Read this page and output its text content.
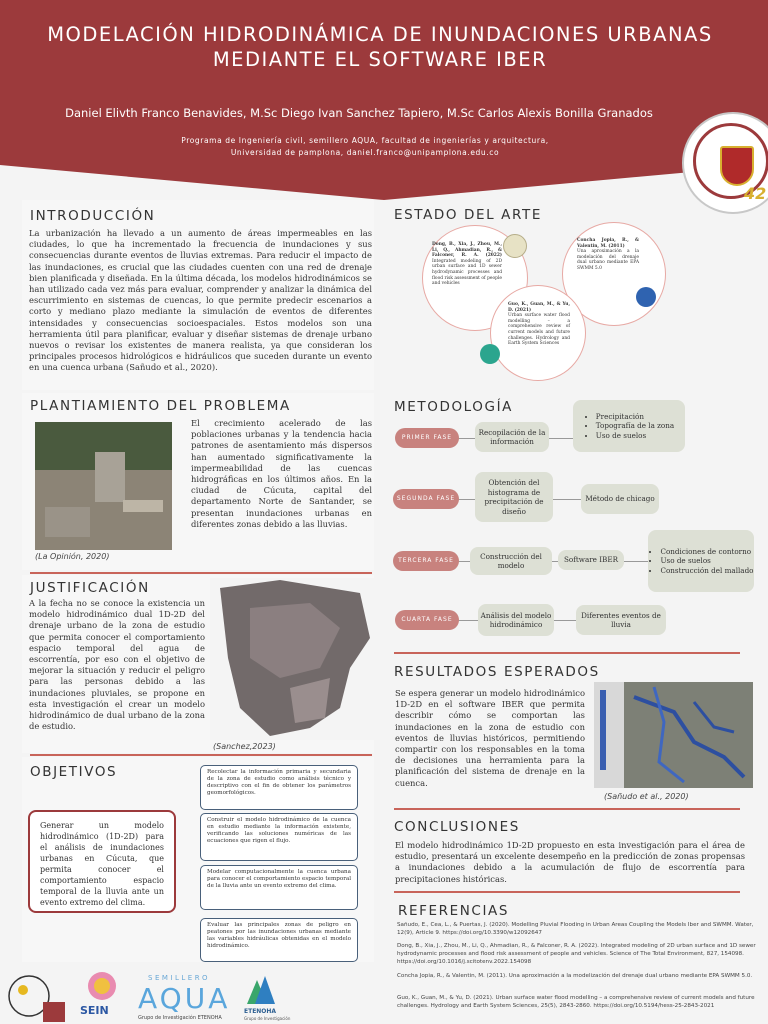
MODELACIÓN HIDRODINÁMICA DE INUNDACIONES URBANAS
MEDIANTE EL SOFTWARE IBER
Daniel Elivth Franco Benavides, M.Sc Diego Ivan Sanchez Tapiero, M.Sc Carlos Alexis Bonilla Granados
Programa de Ingeniería civil, semillero AQUA, facultad de ingenierías y arquitectura,
Universidad de pamplona, daniel.franco@unipamplona.edu.co
42
INTRODUCCIÓN
La urbanización ha llevado a un aumento de áreas impermeables en las ciudades, lo que ha incrementado la frecuencia de inundaciones y sus consecuencias durante eventos de lluvias extremas. Para reducir el impacto de las inundaciones, es crucial que las ciudades cuenten con una red de drenaje bien planificada y diseñada. En la última década, los modelos hidrodinámicos se han utilizado cada vez más para evaluar, comprender y analizar la dinámica del escurrimiento en sistemas de cuencas, lo que permite predecir escenarios a corto y mediano plazo mediante la simulación de eventos de diferentes intensidades y consecuencias socioespaciales. Estos modelos son una herramienta útil para planificar, evaluar y diseñar sistemas de drenaje urbano nuevos o revisar los existentes de manera realista, ya que consideran los principales procesos hidrológicos e hidráulicos que suceden durante un evento en una cuenca urbana (Sañudo et al., 2020).
PLANTIAMIENTO DEL PROBLEMA
(La Opinión, 2020)
El crecimiento acelerado de las poblaciones urbanas y la tendencia hacia patrones de asentamiento más dispersos han aumentado significativamente la impermeabilidad de las cuencas hidrográficas en los últimos años. En la ciudad de Cúcuta, capital del departamento Norte de Santander, se presentan inundaciones urbanas en diferentes zonas debido a las lluvias.
JUSTIFICACIÓN
A la fecha no se conoce la existencia un modelo hidrodinámico dual 1D-2D del drenaje urbano de la zona de estudio que permita conocer el comportamiento espacio temporal del agua de escorrentía, por eso con el objetivo de mejorar la situación y reducir el peligro para las personas debido a las inundaciones pluviales, se propone en esta investigación el crear un modelo hidrodinámico de dual urbano de la zona de estudio.
(Sanchez,2023)
OBJETIVOS
Generar un modelo hidrodinámico (1D-2D) para el análisis de inundaciones urbanas en Cúcuta, que permita conocer el comportamiento espacio temporal de la lluvia ante un evento extremo del clima.
Recolectar la información primaria y secundaria de la zona de estudio como análisis técnico y descriptivo con el fin de obtener los parámetros geomorfológicos.
Construir el modelo hidrodinámico de la cuenca en estudio mediante la información existente, verificando las soluciones numéricas de las ecuaciones que rigen el flujo.
Modelar computacionalmente la cuenca urbana para conocer el comportamiento espacio temporal de la lluvia ante un evento extremo del clima.
Evaluar las principales zonas de peligro en peatones por las inundaciones urbanas mediante las variables hidráulicas obtenidas en el modelo hidrodinámico.
ESTADO DEL ARTE
Dong, B., Xia, J., Zhou, M., Li, Q., Ahmadian, R., & Falconer, R. A. (2022) Integrated modeling of 2D urban surface and 1D sewer hydrodynamic processes and flood risk assessment of people and vehicles
Concha Jopia, R., & Valentin, M. (2011)
Una aproximación a la modelación del drenaje dual urbano mediante EPA SWMM 5.0
Guo, K., Guan, M., & Yu, D. (2021)
Urban surface water flood modelling – a comprehensive review of current models and future challenges. Hydrology and Earth System Sciences
METODOLOGÍA
PRIMER FASE
Recopilación de la información
• Precipitación
• Topografía de la zona
• Uso de suelos
SEGUNDA FASE
Obtención del histograma de precipitación de diseño
Método de chicago
TERCERA FASE	Construcción del modelo
Software IBER
• Condiciones de contorno
• Uso de suelos
• Construcción del mallado
CUARTA FASE	Análisis del modelo hidrodinámico
Diferentes eventos de lluvia
RESULTADOS ESPERADOS
Se espera generar un modelo hidrodinámico 1D-2D en el software IBER que permita describir cómo se comportan las inundaciones en la zona de estudio con eventos de lluvias históricos, permitiendo compartir con los responsables en la toma de decisiones una herramienta para la planificación del sistema de drenaje en la cuenca.
(Sañudo et al., 2020)
CONCLUSIONES
El modelo hidrodinámico 1D-2D propuesto en esta investigación para el área de estudio, presentará un excelente desempeño en la predicción de zonas propensas a inundaciones debido a la acumulación de flujo de escorrentía para precipitaciones históricas.
REFERENCIAS
Sañudo, E., Cea, L., & Puertas, J. (2020). Modelling Pluvial Flooding in Urban Areas Coupling the Models Iber and SWMM. Water, 12(9), Article 9. https://doi.org/10.3390/w12092647
Dong, B., Xia, J., Zhou, M., Li, Q., Ahmadian, R., & Falconer, R. A. (2022). Integrated modeling of 2D urban surface and 1D sewer hydrodynamic processes and flood risk assessment of people and vehicles. Science of The Total Environment, 827, 154098. https://doi.org/10.1016/j.scitotenv.2022.154098
Concha Jopia, R., & Valentin, M. (2011). Una aproximación a la modelización del drenaje dual urbano mediante EPA SWMM 5.0.
Guo, K., Guan, M., & Yu, D. (2021). Urban surface water flood modelling – a comprehensive review of current models and future challenges. Hydrology and Earth System Sciences, 25(5), 2843-2860. https://doi.org/10.5194/hess-25-2843-2021
SEIN
SEMILLERO
AQUA
Grupo de Investigación ETENOHA
ETENOHA
Grupo de Investigación
